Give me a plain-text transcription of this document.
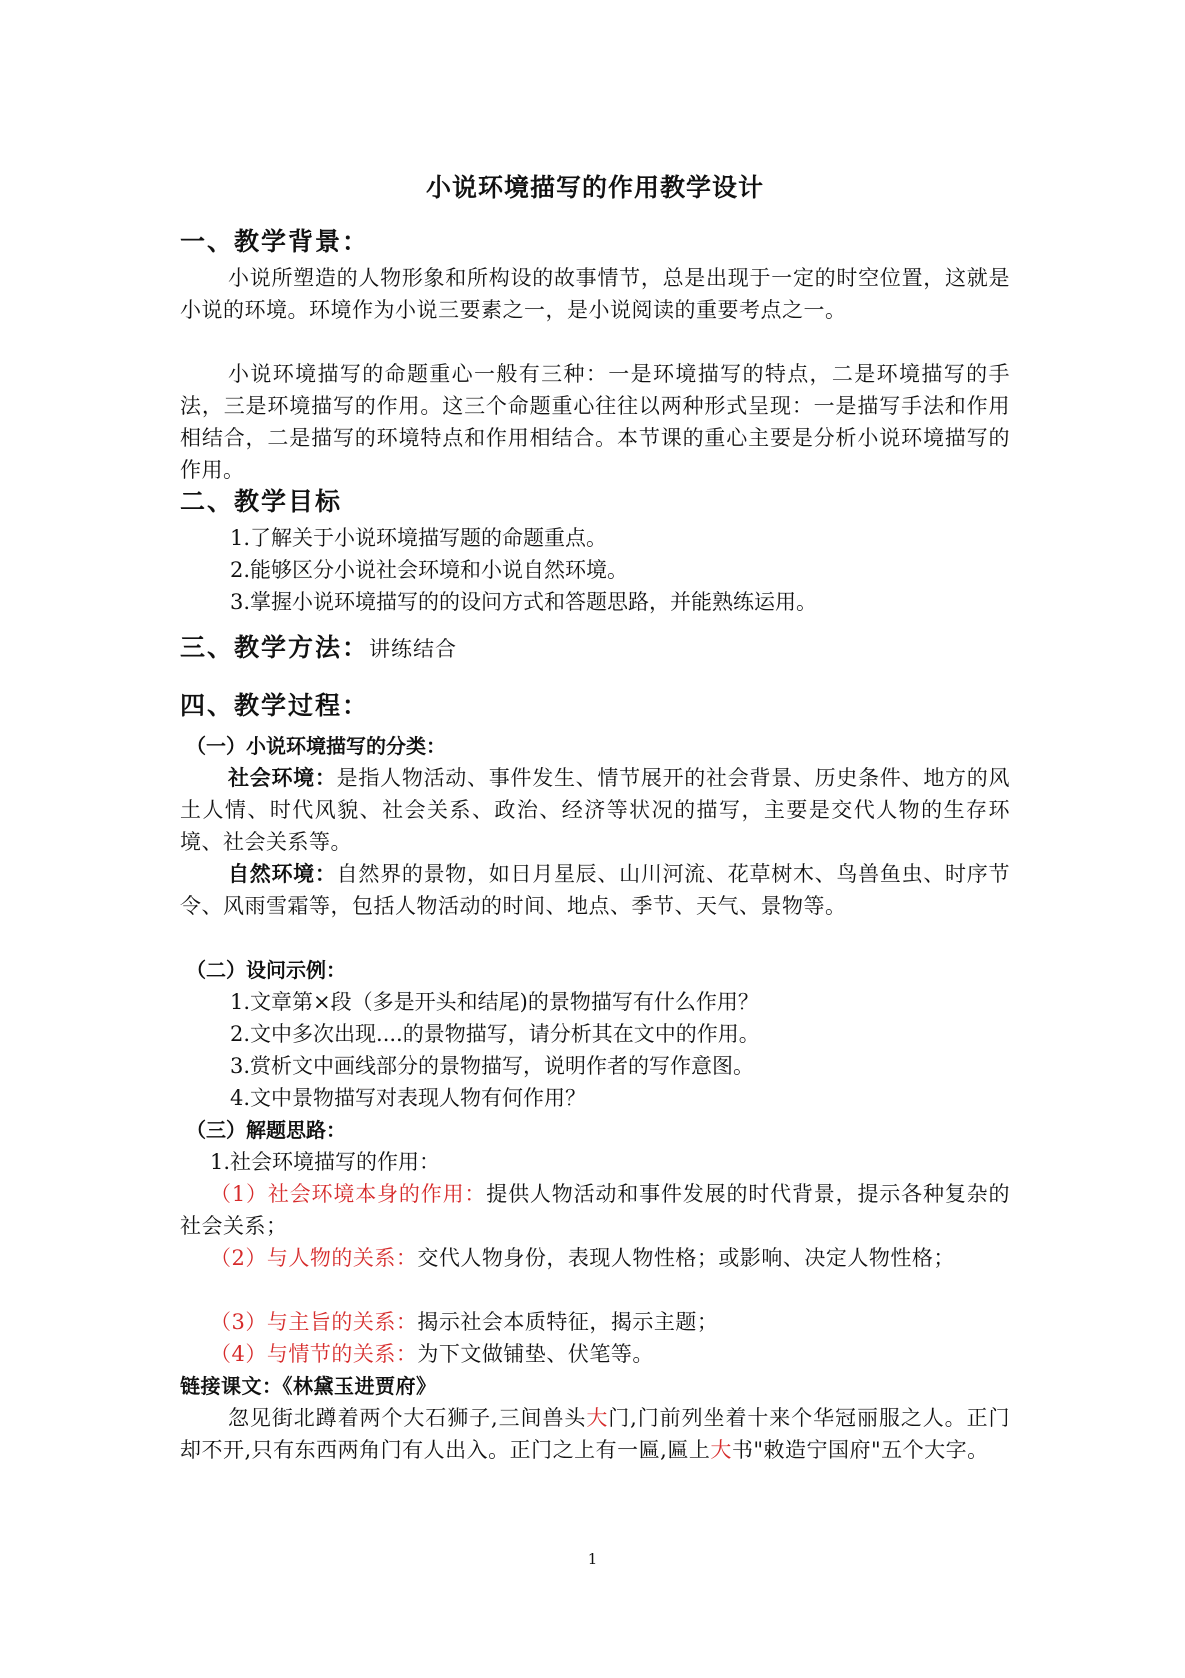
小说环境描写的作用教学设计
一、教学背景：
小说所塑造的人物形象和所构设的故事情节，总是出现于一定的时空位置，这就是小说的环境。环境作为小说三要素之一，是小说阅读的重要考点之一。
小说环境描写的命题重心一般有三种：一是环境描写的特点，二是环境描写的手法，三是环境描写的作用。这三个命题重心往往以两种形式呈现：一是描写手法和作用相结合，二是描写的环境特点和作用相结合。本节课的重心主要是分析小说环境描写的作用。
二、教学目标
1.了解关于小说环境描写题的命题重点。
2.能够区分小说社会环境和小说自然环境。
3.掌握小说环境描写的的设问方式和答题思路，并能熟练运用。
三、教学方法：讲练结合
四、教学过程：
（一）小说环境描写的分类：
社会环境：是指人物活动、事件发生、情节展开的社会背景、历史条件、地方的风土人情、时代风貌、社会关系、政治、经济等状况的描写，主要是交代人物的生存环境、社会关系等。
自然环境：自然界的景物，如日月星辰、山川河流、花草树木、鸟兽鱼虫、时序节令、风雨雪霜等，包括人物活动的时间、地点、季节、天气、景物等。
（二）设问示例：
1.文章第×段（多是开头和结尾)的景物描写有什么作用？
2.文中多次出现....的景物描写，请分析其在文中的作用。
3.赏析文中画线部分的景物描写，说明作者的写作意图。
4.文中景物描写对表现人物有何作用？
（三）解题思路：
1.社会环境描写的作用：
（1）社会环境本身的作用：提供人物活动和事件发展的时代背景，提示各种复杂的社会关系；
（2）与人物的关系：交代人物身份，表现人物性格；或影响、决定人物性格；
（3）与主旨的关系：揭示社会本质特征，揭示主题；
（4）与情节的关系：为下文做铺垫、伏笔等。
链接课文：《林黛玉进贾府》
忽见街北蹲着两个大石狮子,三间兽头大门,门前列坐着十来个华冠丽服之人。正门却不开,只有东西两角门有人出入。正门之上有一匾,匾上大书"敕造宁国府"五个大字。
1
